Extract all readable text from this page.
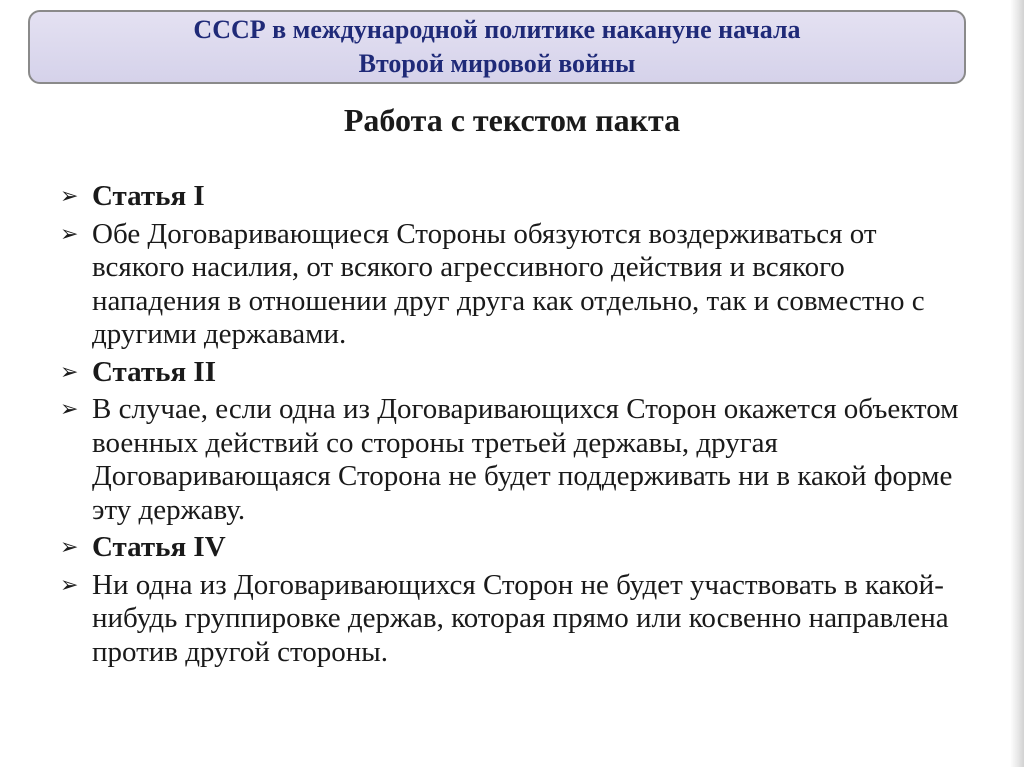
СССР в международной политике накануне начала
Второй мировой войны
Работа с текстом пакта
➢ Статья I
➢ Обе Договаривающиеся Стороны обязуются воздерживаться от всякого насилия, от всякого агрессивного действия и всякого нападения в отношении друг друга как отдельно, так и совместно с другими державами.
➢ Статья II
➢ В случае, если одна из Договаривающихся Сторон окажется объектом военных действий со стороны третьей державы, другая Договаривающаяся Сторона не будет поддерживать ни в какой форме эту державу.
➢ Статья IV
➢ Ни одна из Договаривающихся Сторон не будет участвовать в какой-нибудь группировке держав, которая прямо или косвенно направлена против другой стороны.
